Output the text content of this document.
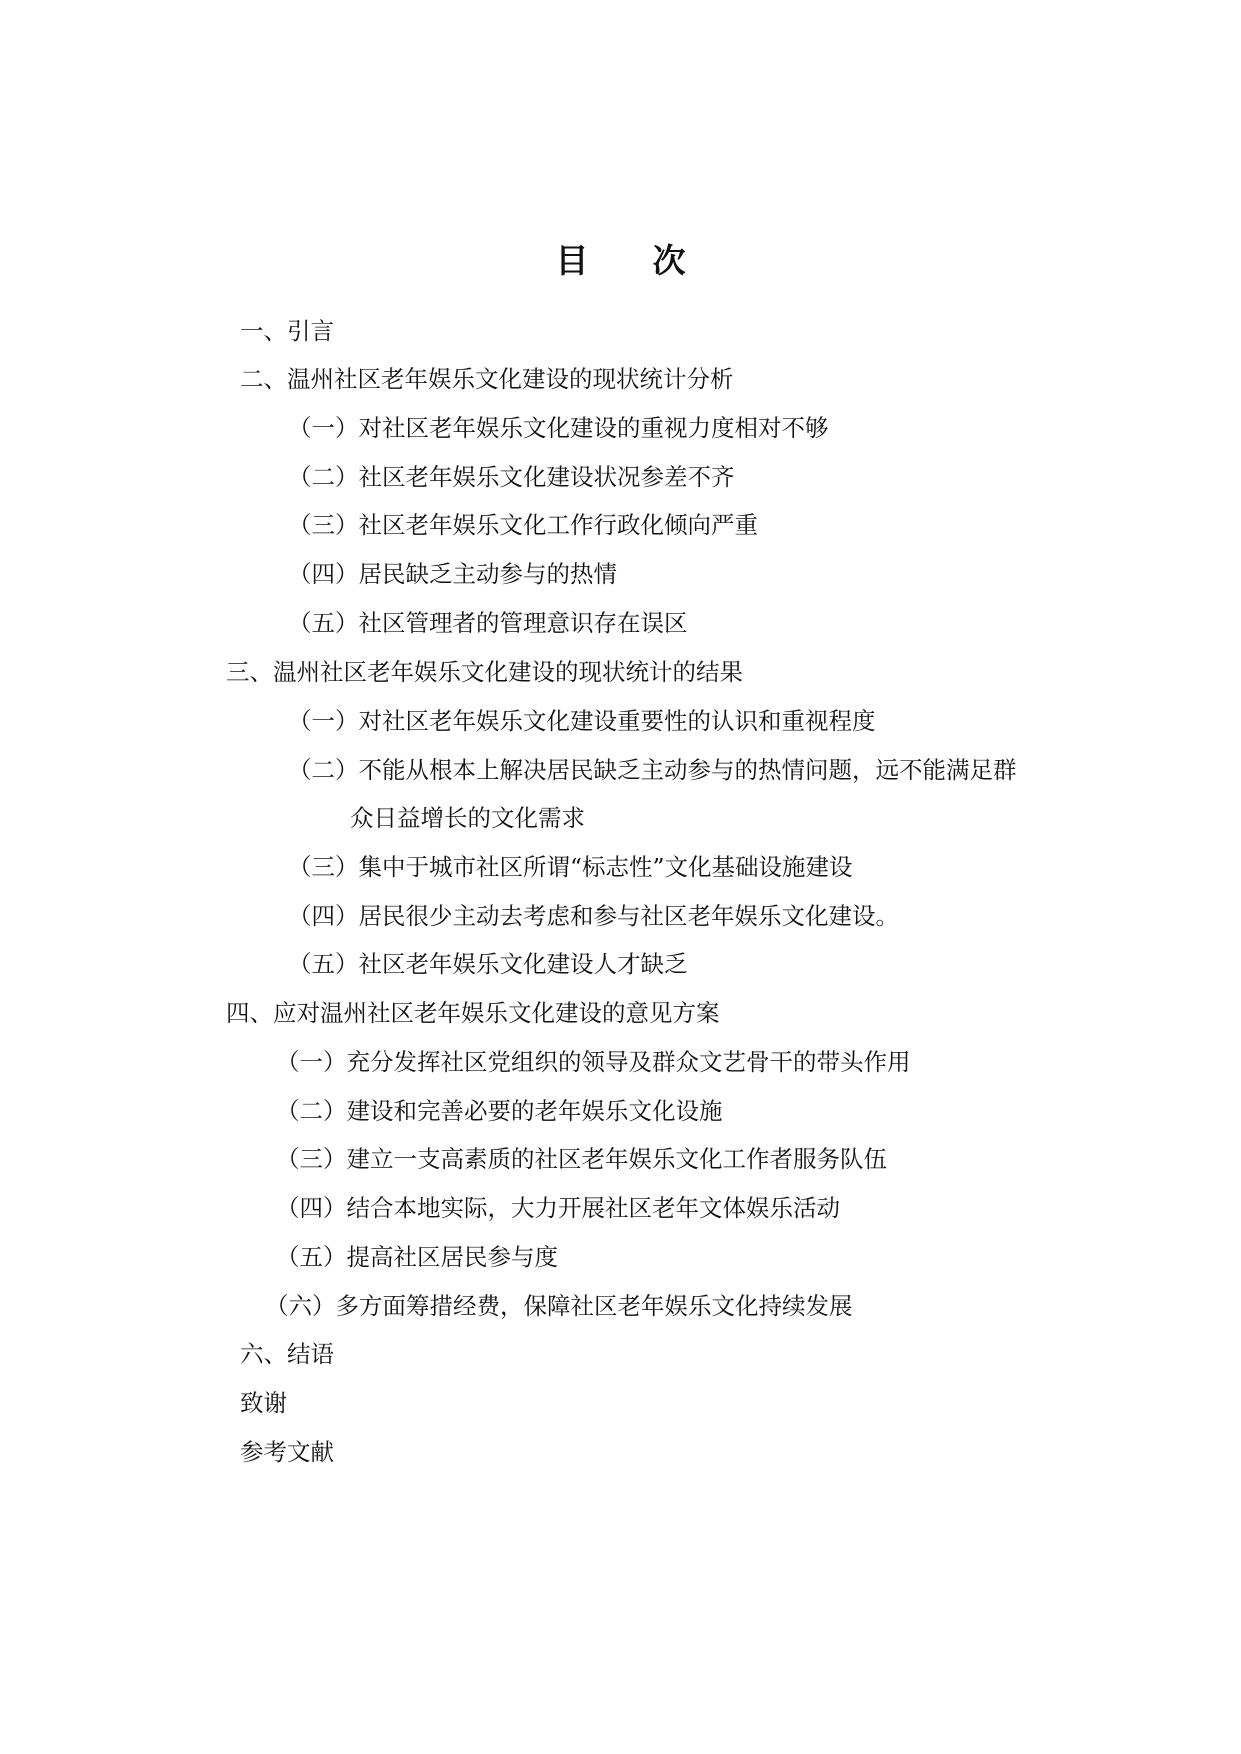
目 次
一、引言
二、温州社区老年娱乐文化建设的现状统计分析
（一）对社区老年娱乐文化建设的重视力度相对不够
（二）社区老年娱乐文化建设状况参差不齐
（三）社区老年娱乐文化工作行政化倾向严重
（四）居民缺乏主动参与的热情
（五）社区管理者的管理意识存在误区
三、温州社区老年娱乐文化建设的现状统计的结果
（一）对社区老年娱乐文化建设重要性的认识和重视程度
（二）不能从根本上解决居民缺乏主动参与的热情问题，远不能满足群
众日益增长的文化需求
（三）集中于城市社区所谓“标志性”文化基础设施建设
（四）居民很少主动去考虑和参与社区老年娱乐文化建设。
（五）社区老年娱乐文化建设人才缺乏
四、应对温州社区老年娱乐文化建设的意见方案
（一）充分发挥社区党组织的领导及群众文艺骨干的带头作用
（二）建设和完善必要的老年娱乐文化设施
（三）建立一支高素质的社区老年娱乐文化工作者服务队伍
（四）结合本地实际，大力开展社区老年文体娱乐活动
（五）提高社区居民参与度
（六）多方面筹措经费，保障社区老年娱乐文化持续发展
六、结语
致谢
参考文献
